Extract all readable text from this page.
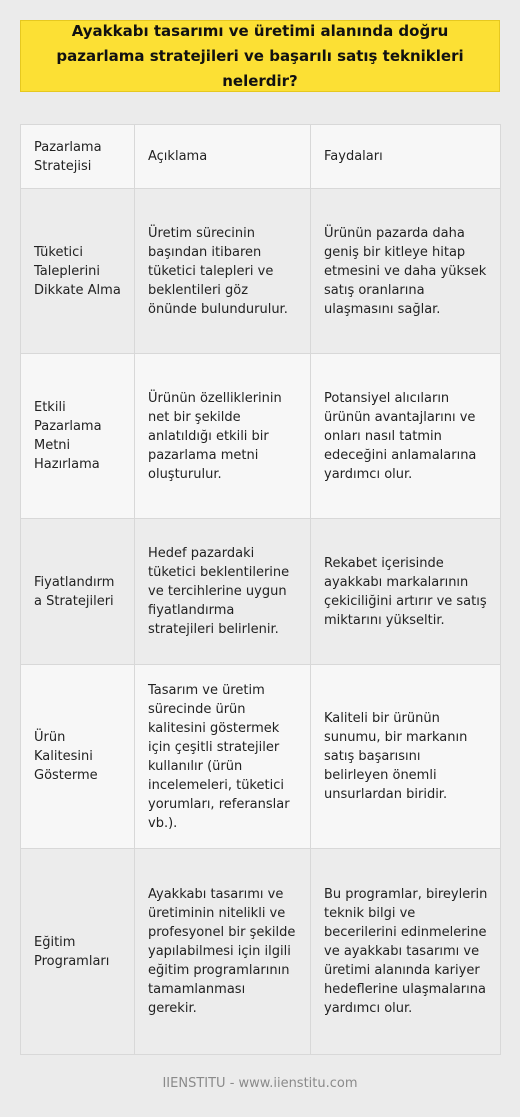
Ayakkabı tasarımı ve üretimi alanında doğru pazarlama stratejileri ve başarılı satış teknikleri nelerdir?
Pazarlama Stratejisi	Açıklama	Faydaları
Tüketici Taleplerini Dikkate Alma	Üretim sürecinin başından itibaren tüketici talepleri ve beklentileri göz önünde bulundurulur.	Ürünün pazarda daha geniş bir kitleye hitap etmesini ve daha yüksek satış oranlarına ulaşmasını sağlar.
Etkili Pazarlama Metni Hazırlama	Ürünün özelliklerinin net bir şekilde anlatıldığı etkili bir pazarlama metni oluşturulur.	Potansiyel alıcıların ürünün avantajlarını ve onları nasıl tatmin edeceğini anlamalarına yardımcı olur.
Fiyatlandırma Stratejileri	Hedef pazardaki tüketici beklentilerine ve tercihlerine uygun fiyatlandırma stratejileri belirlenir.	Rekabet içerisinde ayakkabı markalarının çekiciliğini artırır ve satış miktarını yükseltir.
Ürün Kalitesini Gösterme	Tasarım ve üretim sürecinde ürün kalitesini göstermek için çeşitli stratejiler kullanılır (ürün incelemeleri, tüketici yorumları, referanslar vb.).	Kaliteli bir ürünün sunumu, bir markanın satış başarısını belirleyen önemli unsurlardan biridir.
Eğitim Programları	Ayakkabı tasarımı ve üretiminin nitelikli ve profesyonel bir şekilde yapılabilmesi için ilgili eğitim programlarının tamamlanması gerekir.	Bu programlar, bireylerin teknik bilgi ve becerilerini edinmelerine ve ayakkabı tasarımı ve üretimi alanında kariyer hedeflerine ulaşmalarına yardımcı olur.
IIENSTITU - www.iienstitu.com
